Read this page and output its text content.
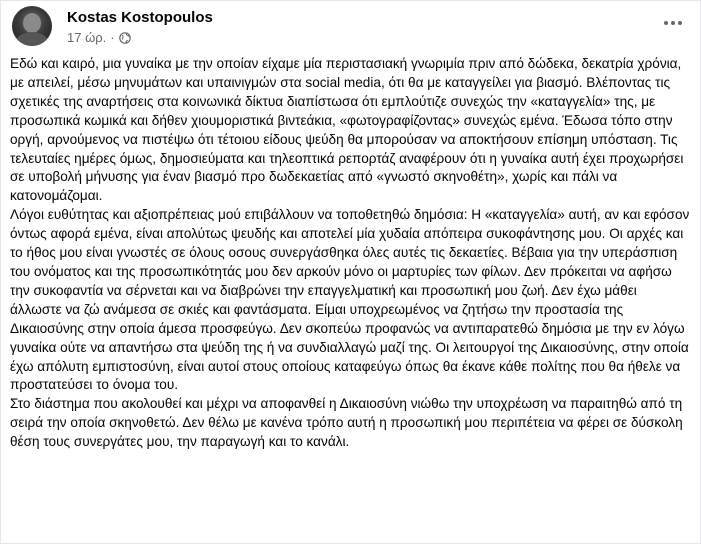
Kostas Kostopoulos
17 ώρ. ·

Εδώ και καιρό, μια γυναίκα με την οποίαν είχαμε μία περιστασιακή γνωριμία πριν από δώδεκα, δεκατρία χρόνια, με απειλεί, μέσω μηνυμάτων και υπαινιγμών στα social media, ότι θα με καταγγείλει για βιασμό. Βλέποντας τις σχετικές της αναρτήσεις στα κοινωνικά δίκτυα διαπίστωσα ότι εμπλούτιζε συνεχώς την «καταγγελία» της, με προσωπικά κωμικά και δήθεν χιουμοριστικά βιντεάκια, «φωτογραφίζοντας» συνεχώς εμένα. Έδωσα τόπο στην οργή, αρνούμενος να πιστέψω ότι τέτοιου είδους ψεύδη θα μπορούσαν να αποκτήσουν επίσημη υπόσταση. Τις τελευταίες ημέρες όμως, δημοσιεύματα και τηλεοπτικά ρεπορτάζ αναφέρουν ότι η γυναίκα αυτή έχει προχωρήσει σε υποβολή μήνυσης για έναν βιασμό προ δωδεκαετίας από «γνωστό σκηνοθέτη», χωρίς και πάλι να κατονομάζομαι.

Λόγοι ευθύτητας και αξιοπρέπειας μού επιβάλλουν να τοποθετηθώ δημόσια: Η «καταγγελία» αυτή, αν και εφόσον όντως αφορά εμένα, είναι απολύτως ψευδής και αποτελεί μία χυδαία απόπειρα συκοφάντησης μου. Οι αρχές και το ήθος μου είναι γνωστές σε όλους οσους συνεργάσθηκα όλες αυτές τις δεκαετίες. Βέβαια για την υπεράσπιση του ονόματος και της προσωπικότητάς μου δεν αρκούν μόνο οι μαρτυρίες των φίλων. Δεν πρόκειται να αφήσω την συκοφαντία να σέρνεται και να διαβρώνει την επαγγελματική και προσωπική μου ζωή. Δεν έχω μάθει άλλωστε να ζώ ανάμεσα σε σκιές και φαντάσματα. Είμαι υποχρεωμένος να ζητήσω την προστασία της Δικαιοσύνης στην οποία άμεσα προσφεύγω. Δεν σκοπεύω προφανώς να αντιπαρατεθώ δημόσια με την εν λόγω γυναίκα ούτε να απαντήσω στα ψεύδη της ή να συνδιαλλαγώ μαζί της. Οι λειτουργοί της Δικαιοσύνης, στην οποία έχω απόλυτη εμπιστοσύνη, είναι αυτοί στους οποίους καταφεύγω όπως θα έκανε κάθε πολίτης που θα ήθελε να προστατεύσει το όνομα του.

Στο διάστημα που ακολουθεί και μέχρι να αποφανθεί η Δικαιοσύνη νιώθω την υποχρέωση να παραιτηθώ από τη σειρά την οποία σκηνοθετώ. Δεν θέλω με κανένα τρόπο αυτή η προσωπική μου περιπέτεια να φέρει σε δύσκολη θέση τους συνεργάτες μου, την παραγωγή και το κανάλι.
